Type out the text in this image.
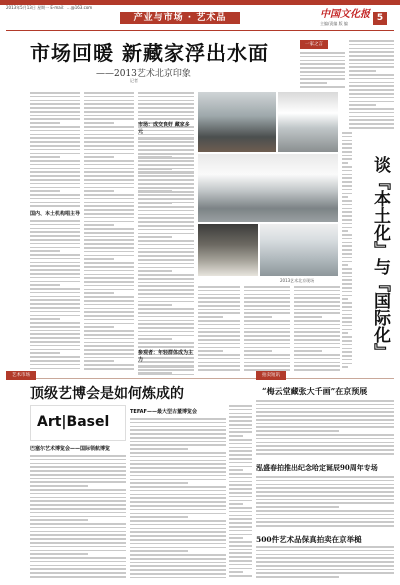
2013年5月13日 星期一 E-mail：...@163.com
产业与市场 · 艺术品	中国文化报 5
主编/责编 版 编
市场回暖 新藏家浮出水面
——2013艺术北京印象
记者
国内、本土机构唱主导
市场：成交良好 藏家多元
2013艺术北京现场
参观者：年轻群体成为主力
一家之言
谈『本土化』与『国际化』
艺术市场
顶级艺博会是如何炼成的
Art|Basel
巴塞尔艺术博览会——国际领航博览
TEFAF——最大型古董博览会
拍卖短讯
“梅云堂藏张大千画”在京预展
泓盛春拍推出纪念哈定诞辰90周年专场
500件艺术品保真拍卖在京举槌
